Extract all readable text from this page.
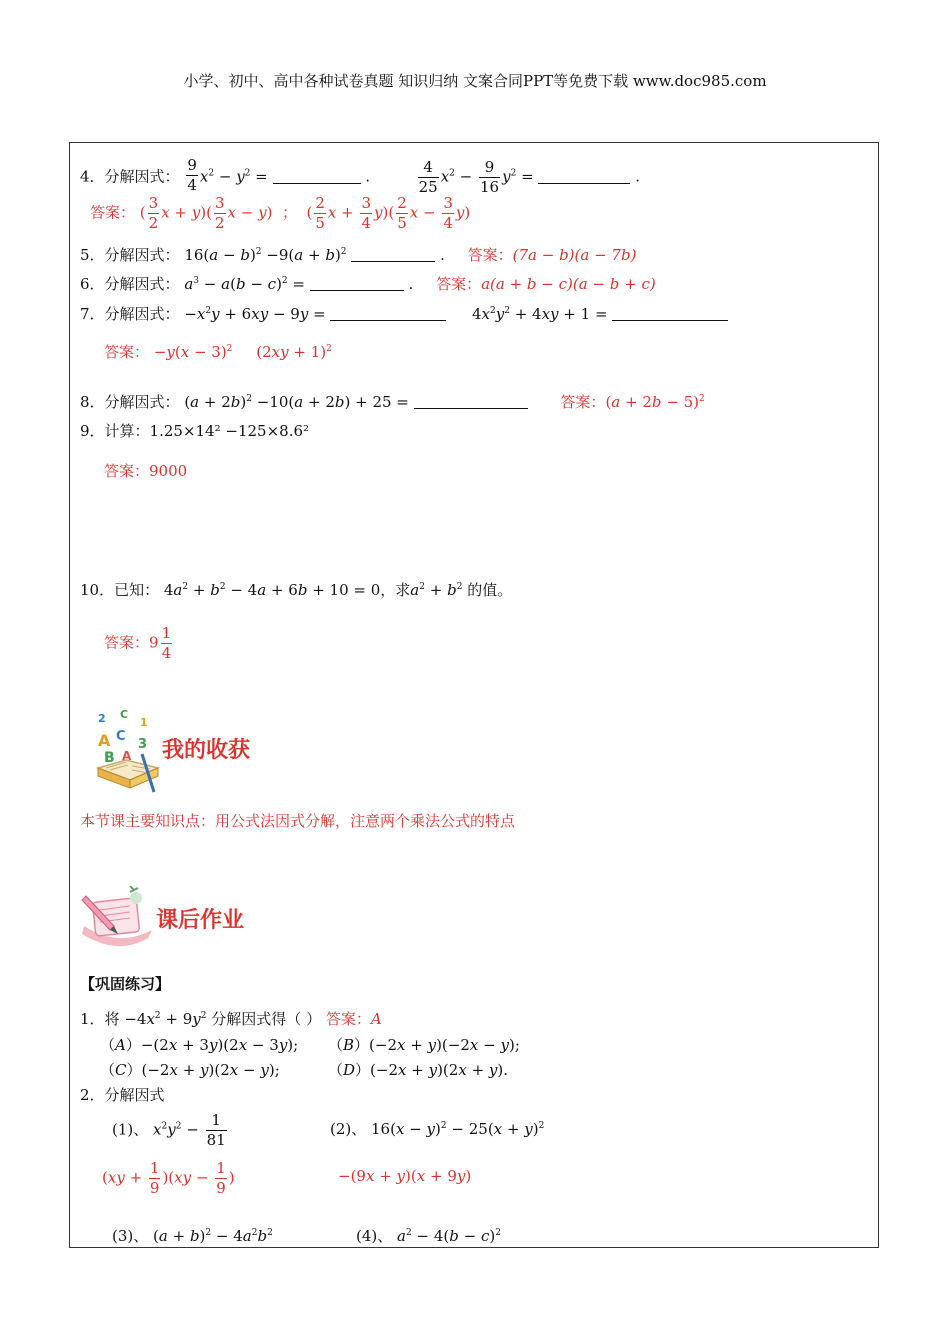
小学、初中、高中各种试卷真题 知识归纳 文案合同PPT等免费下载 www.doc985.com
4．分解因式： $\frac{9}{4} x^2 - y^2$ =	.	$\frac{4}{25} x^2 - \frac{9}{16} y^2$ =	.
答案： ( $\frac{3}{2}$ $x + y)( \frac{3}{2}$ x − y)  ；  ( $\frac{2}{5}$ $x + \frac{3}{4} y)( \frac{2}{5}$ $x - \frac{3}{4} y$)
5．分解因式： $16(a - b)^2 -9(a + b)^2$	. 答案：(7a − b)(a − 7b)
6．分解因式： $a^3 - a(b - c)^2$ =	. 答案：a(a + b − c)(a − b + c)
7．分解因式： $-x^2y + 6xy - 9y$ =	$4x^2y^2 + 4xy + 1$ =
答案： $-y(x - 3)^2$     $(2xy + 1)^2$
8．分解因式： $(a + 2b)^2 -10(a + 2b) + 25$ =	答案：$(a + 2b - 5)^2$
9．计算：1.25×14² −125×8.6²
答案：9000
10．已知： $4a^2 + b^2 - 4a + 6b + 10 = 0$，求$a^2 + b^2$ 的值。
答案：$9 \frac{1}{4}$
2 C
1
A C
3
B A 我的收获
本节课主要知识点：用公式法因式分解，注意两个乘法公式的特点
课后作业
【巩固练习】
1．将 $-4x^2 + 9y^2$ 分解因式得（ ） 答案：A
（A）−(2x + 3y)(2x − 3y); （B）(−2x + y)(−2x − y);
（C）(−2x + y)(2x − y);	（D）(−2x + y)(2x + y).
2．分解因式
(1)、 $x^2y^2 - \frac{1}{81}$	(2)、 $16(x - y)^2 - 25(x + y)^2$
$(xy + \frac{1}{9} )(xy - \frac{1}{9}$ )	−(9x + y)(x + 9y)
(3)、 $(a + b)^2 - 4a^2b^2$	(4)、 $a^2 - 4(b - c)^2$
